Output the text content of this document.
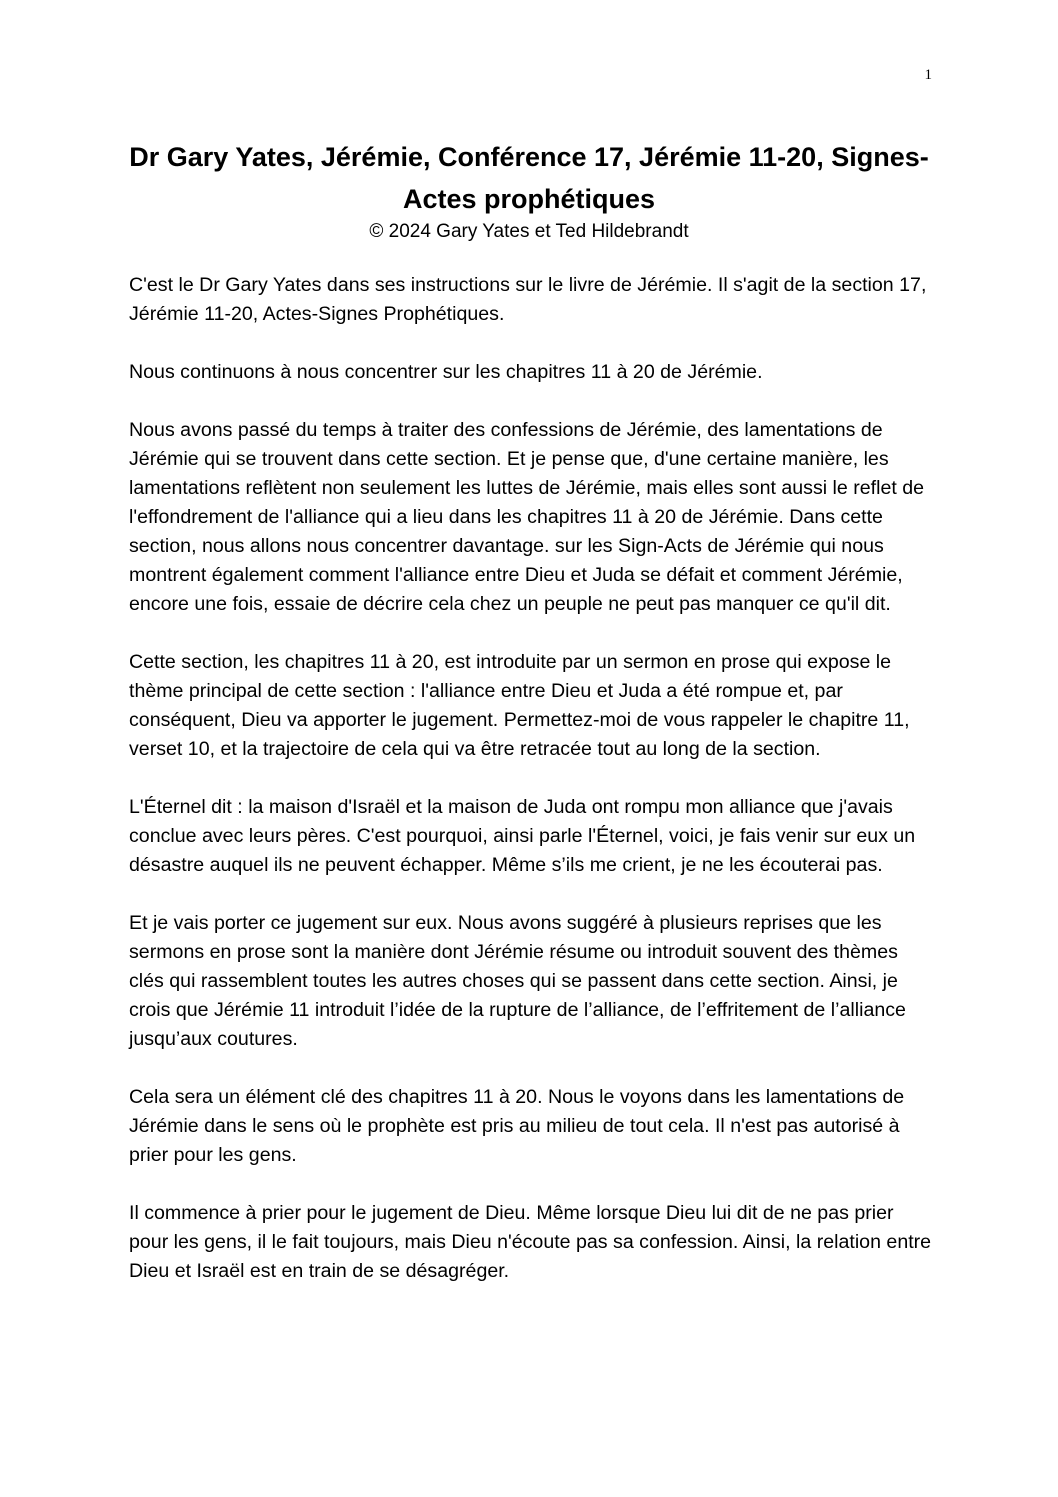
1
Dr Gary Yates, Jérémie, Conférence 17, Jérémie 11-20, Signes-Actes prophétiques
© 2024 Gary Yates et Ted Hildebrandt

C'est le Dr Gary Yates dans ses instructions sur le livre de Jérémie. Il s'agit de la section 17, Jérémie 11-20, Actes-Signes Prophétiques.

Nous continuons à nous concentrer sur les chapitres 11 à 20 de Jérémie.

Nous avons passé du temps à traiter des confessions de Jérémie, des lamentations de Jérémie qui se trouvent dans cette section. Et je pense que, d'une certaine manière, les lamentations reflètent non seulement les luttes de Jérémie, mais elles sont aussi le reflet de l'effondrement de l'alliance qui a lieu dans les chapitres 11 à 20 de Jérémie. Dans cette section, nous allons nous concentrer davantage. sur les Sign-Acts de Jérémie qui nous montrent également comment l'alliance entre Dieu et Juda se défait et comment Jérémie, encore une fois, essaie de décrire cela chez un peuple ne peut pas manquer ce qu'il dit.

Cette section, les chapitres 11 à 20, est introduite par un sermon en prose qui expose le thème principal de cette section : l'alliance entre Dieu et Juda a été rompue et, par conséquent, Dieu va apporter le jugement. Permettez-moi de vous rappeler le chapitre 11, verset 10, et la trajectoire de cela qui va être retracée tout au long de la section.

L'Éternel dit : la maison d'Israël et la maison de Juda ont rompu mon alliance que j'avais conclue avec leurs pères. C'est pourquoi, ainsi parle l'Éternel, voici, je fais venir sur eux un désastre auquel ils ne peuvent échapper. Même s’ils me crient, je ne les écouterai pas.

Et je vais porter ce jugement sur eux. Nous avons suggéré à plusieurs reprises que les sermons en prose sont la manière dont Jérémie résume ou introduit souvent des thèmes clés qui rassemblent toutes les autres choses qui se passent dans cette section. Ainsi, je crois que Jérémie 11 introduit l’idée de la rupture de l’alliance, de l’effritement de l’alliance jusqu’aux coutures.

Cela sera un élément clé des chapitres 11 à 20. Nous le voyons dans les lamentations de Jérémie dans le sens où le prophète est pris au milieu de tout cela. Il n'est pas autorisé à prier pour les gens.

Il commence à prier pour le jugement de Dieu. Même lorsque Dieu lui dit de ne pas prier pour les gens, il le fait toujours, mais Dieu n'écoute pas sa confession. Ainsi, la relation entre Dieu et Israël est en train de se désagréger.
